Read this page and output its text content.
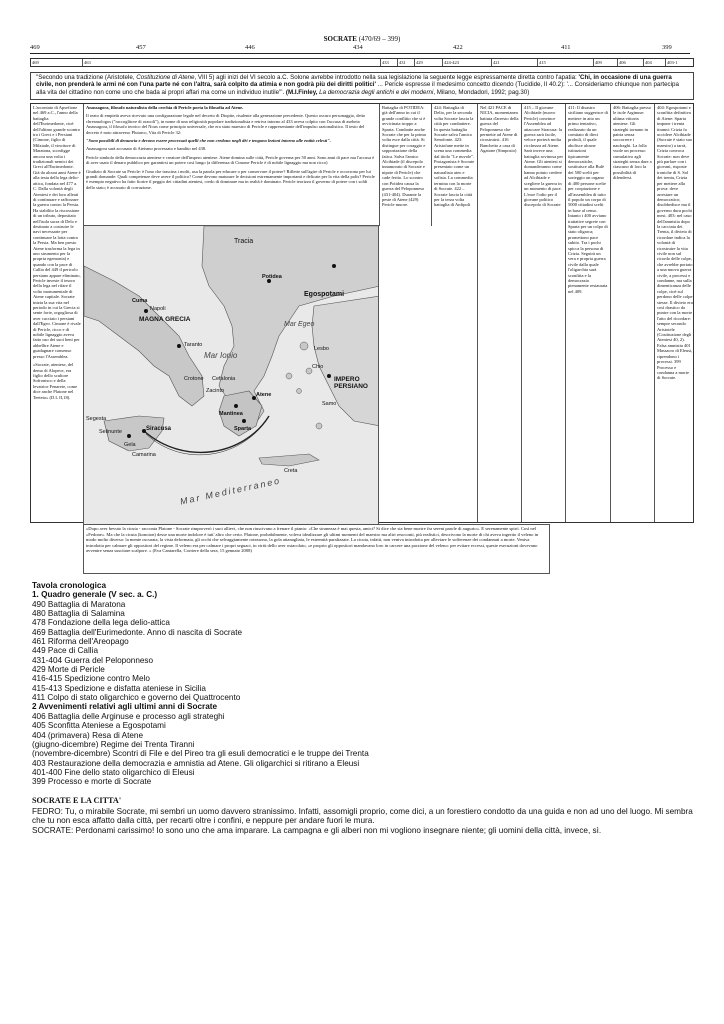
SOCRATE (470/69 – 399)
469	457	446	434	422	411	399
469	463	433	431	429	424-423	421	415	409	406	404	403-1
"Secondo una tradizione (Aristotele, Costituzione di Atene, VIII 5) agli inizi del VI secolo a.C. Solone avrebbe introdotto nella sua legislazione la seguente legge espressamente diretta contro l'apatia: 'Chi, in occasione di una guerra civile, non prenderà le armi né con l'una parte né con l'altra, sarà colpito da atimia e non godrà più dei diritti politici' ... Pericle espresse il medesimo concetto dicendo (Tucidide, II 40.2): '... Consideriamo chiunque non partecipa alla vita del cittadino non come uno che bada ai propri affari ma come un individuo inutile'". (M.I.Finley, La democrazia degli antichi e dei moderni, Milano, Mondadori, 1992; pag.30)

L'arcontato di Apsefione nel 469 a.C., l'anno della battaglia dell'Eurimedonte, cioè dell'ultimo grande scontro tra i Greci e i Persiani (Cimone, figlio di Milziade, il vincitore di Maratona, sconfigge ancora una volta i tradizionali nemici dei Greci all'Eurimedonte. Già da alcuni anni Atene è alla testa della lega delio-attica, fondata nel 477 a. C. Dalla volontà degli Ateniesi e dei loro alleati di continuare e rafforzare la guerra contro la Persia. Ha stabilito la riscossione di un tributo, depositato nell'isola sacra di Delo e destinato a costruire le navi necessarie per continuare la lotta contro la Persia. Ma ben presto Atene trasforma la lega in uno strumento per la propria egemonia) e quando con la pace di Callia del 449 il pericolo persiano appare eliminato, Pericle investe il tesoro della lega nel rifare il volto monumentale di Atene capitale. Socrate inizia la sua vita nel periodo in cui la Grecia si sente forte, orgogliosa di aver cacciato i persiani dall'Egeo. Cimone è rivale di Pericle, ricco e di nobile lignaggio aveva fatto uso dei suoi beni per abbellire Atene e guadagnare consenso presso l'Assemblea.

«Socrate, ateniese, del demo di Alopece, era figlio dello scultore Sofronisco e della levatrice Fenarete, come dice anche Platone nel Teeteto» (D.L II,18).

Anassagora, filosofo naturalista della cerchia di Pericle porta la filosofia ad Atene.

Il reato di empietà aveva ricevuto una configurazione legale nel decreto di Diopite, risalente alla generazione precedente. Questo oscuro personaggio, detto chresmologos ("raccoglitore di oracoli"), in nome di una religiosità popolare tradizionalista e retriva intorno al 433 aveva colpito con l'accusa di asebeia Anassagora, il filosofo teorico del Nous come principio universale, che era stato maestro di Pericle e rappresentante dell'impulso razionalistico. Il testo del decreto è noto attraverso Plutarco, Vita di Pericle 32:

"Sono passibili di denuncia e devono essere processati quelli che non credono negli dèi e tengono lezioni intorno alle entità celesti".

Anassagora sarà accusato di Ateismo processato e bandito nel 438.

Pericle simbolo della democrazia ateniese e creatore dell'impero ateniese. Atene domina sulle città, Pericle governa per 50 anni. Sono anni di pace ma l'accusa è di aver usato il denaro pubblico per garantirsi un potere così lungo (a differenza di Cimone Pericle è di nobile lignaggio ma non ricco)

Giudizio di Socrate su Pericle: è l'uno che trascina i molti, usa la parola per educare o per conservare il potere? Riflette sull'agire di Pericle e occorrono per lui grandi domande: Quali competenze deve avere il politico? Come devono maturare le decisioni estremamente importanti e delicate per la vita della polis? Pericle è esempio negativo ha fatto fiorire il peggio dei cittadini ateniesi, credo di dominare ma in realtà è dominato. Pericle teorizza il governo di potere con i soldi dello stato; è accusato di corruzione.

Battaglia di POTIDEA: già dell'anno in cui il grande conflitto che si è avvicinata troppo a Sparta. Combatte anche Socrate che per la prima volta esce dalla città. Si distingue per coraggio e sopportazione della fatica. Salva l'amico Alcibiade (il discepolo innamorato di Socrate e nipote di Pericle) che cade ferito. Lo scontro con Potidea causa la guerra del Peloponneso (431-404). Durante la peste di Atene (429) Pericle muore.

424: Battaglia di Delio, per la seconda volta Socrate lascia la città per combattere. In questa battaglia Socrate salva l'amico Senofonte. 423: Aristofane mette in scena una commedia dal titolo "Le nuvole". Protagonista è Socrate presentato come un naturalista ateo e sofista. La commedia termina con la morte di Socrate. 422 – Socrate lascia la città per la terza volta battaglia di Anfipoli

Nel 421 PACE di NICIA, momentanea battuta d'arresto della guerra del Peloponneso che permette ad Atene di ricostruirsi. 416 Banchetto a casa di Agatone (Simposio)

415 – Il giovane Alcibiade (nuovo Pericle) convince l'Assemblea ad attaccare Siracusa: la guerra sarà facile, veloce porterà molta ricchezza ad Atene. Sarà invece una battaglia rovinosa per Atene. Gli ateniesi si domanderanno come hanno potuto credere ad Alcibiade e scegliere la guerra in un momento di pace. L'eroe l'odio per il giovane politico discepolo di Socrate

411: Il disastro siciliano suggerisce di mettere in atto un primo tentativo, realizzato da un comitato di dieci probuli, il quale abolisce alcune istituzioni tipicamente democratiche, sostituisce alla Bulè dei 500 scelti per sorteggio un organo di 400 persone scelte per cooptazione e all'assemblea di tutto il popolo un corpo di 5000 cittadini scelti in base al censo. Intanto i 400 avviano trattative segrete con Sparta per un colpo di stato oligarca; promettono pace subito. Tra i pochi spicca la persona di Crizia. Seguirà un vera e propria guerra civile dalla quale l'oligarchia sarà sconfitta e la democrazia pienamente restaurata nel 409.

406: Battaglia presso le isole Arginuse: ultima vittoria ateniese. Gli strateghi tornano in patria senza soccorrere i naufraghi. La folla vuole un processo cumulativo agli strateghi senza dare a ciascuno di loro la possibilità di difendersi.

404: Egospotami e sconfitta definitiva di Atene: Sparta impone i trenta tiranni: Crizia fa uccidere Alcibiade (Socrate è stato suo maestro) a tarrà, Crizia convoca Socrate: non deve più parlare con i giovani, risposte ironiche di S. Sol dei trenta, Crizia per mettere alla prova: deve arrestare un democratico; disobbedisce ma il governo dura pochi mesi. 403: nel caso dell'amnistia dopo la cacciata dei Trenta, il divieto di ricordare indica la volontà di ricostruire la vita civile non sul ricordo delle colpe, che avrebbe portato a una nuova guerra civile, a processi e condanne, ma sulla dimenticanza delle colpe, cioè sul perdono delle colpe stesse. Il divieto era così drastico da punire con la morte l'atto del ricordare: sempre secondo Aristotele (Costituzione degli Ateniesi 40, 2). Falsa amnistia 401 Massacro di Eleusi, riprendono i processi. 399 Processo e condanna a morte di Socrate.

Tracia
Egospotami
IMPERO PERSIANO
MAGNA GRECIA
Mar Ionio
Mar Egeo
Mar Mediterraneo
Cuma
Napoli
Taranto
Crotone
Siracusa
Gela
Selinunte
Segesta
Camarina
Atene
Sparta
Mantinea
Potidea
Lesbo
Chio
Samo
Creta
Cefalonia
Zacinto
«Dopo aver bevuto la cicuta - racconta Platone - Socrate rimproverò i suoi allievi, che non riuscivano a frenare il pianto: «Che stranezza è mai questa, amici? Si dice che sia bene morire fra sereni parole di augurio». E serenamente spirò. Così nel «Fedone». Ma che la cicuta (konoion) desse una morte indolore è tutt' altro che certo. Platone, probabilmente, voleva idealizzare gli ultimi momenti del maestro ma altri resoconti, più realistici, descrivono la morte di chi aveva ingerito il veleno in modo molto diverso: la mente oscurata, la vista deformata, gli occhi che selvaggiamente rotearono, la gola attanagliata, le estremità paralizzate. La cicuta, infatti, non veniva introdotta per alleviare le sofferenze dei condannati a morte. Veniva introdotta per calmare gli oppositori del regime. Il veleno era per calmare i propri seguaci, in virtù dello aver ostacolato, «e proprio gli oppositori mandavano loro in carcere una porzione del veleno: per evitare eccessi, queste esecuzioni dovevano avvenire senza suscitare scalpore. » (Eva Cantarella, Corriere della sera, 15 gennaio 2008)
Tavola cronologica
1. Quadro generale (V sec. a. C.)
490 Battaglia di Maratona
480 Battaglia di Salamina
478 Fondazione della lega delio-attica
469 Battaglia dell'Eurimedonte. Anno di nascita di Socrate
461 Riforma dell'Areopago
449 Pace di Callia
431-404 Guerra del Peloponneso
429 Morte di Pericle
416-415 Spedizione contro Melo
415-413 Spedizione e disfatta ateniese in Sicilia
411 Colpo di stato oligarchico e governo dei Quattrocento
2 Avvenimenti relativi agli ultimi anni di Socrate
406 Battaglia delle Arginuse e processo agli strateghi
405 Sconfitta Ateniese a Egospotami
404 (primavera) Resa di Atene
(giugno-dicembre) Regime dei Trenta Tiranni
(novembre-dicembre) Scontri di File e del Pireo tra gli esuli democratici e le truppe dei Trenta
403 Restaurazione della democrazia e amnistia ad Atene. Gli oligarchici si ritirano a Eleusi
401-400 Fine dello stato oligarchico di Eleusi
399 Processo e morte di Socrate
SOCRATE E LA CITTA'
FEDRO: Tu, o mirabile Socrate, mi sembri un uomo davvero stranissimo. Infatti, assomigli proprio, come dici, a un forestiero condotto da una guida e non ad uno del luogo. Mi sembra che tu non esca affatto dalla città, per recarti oltre i confini, e neppure per andare fuori le mura.
SOCRATE: Perdonami carissimo! Io sono uno che ama imparare. La campagna e gli alberi non mi vogliono insegnare niente; gli uomini della città, invece, sì.
